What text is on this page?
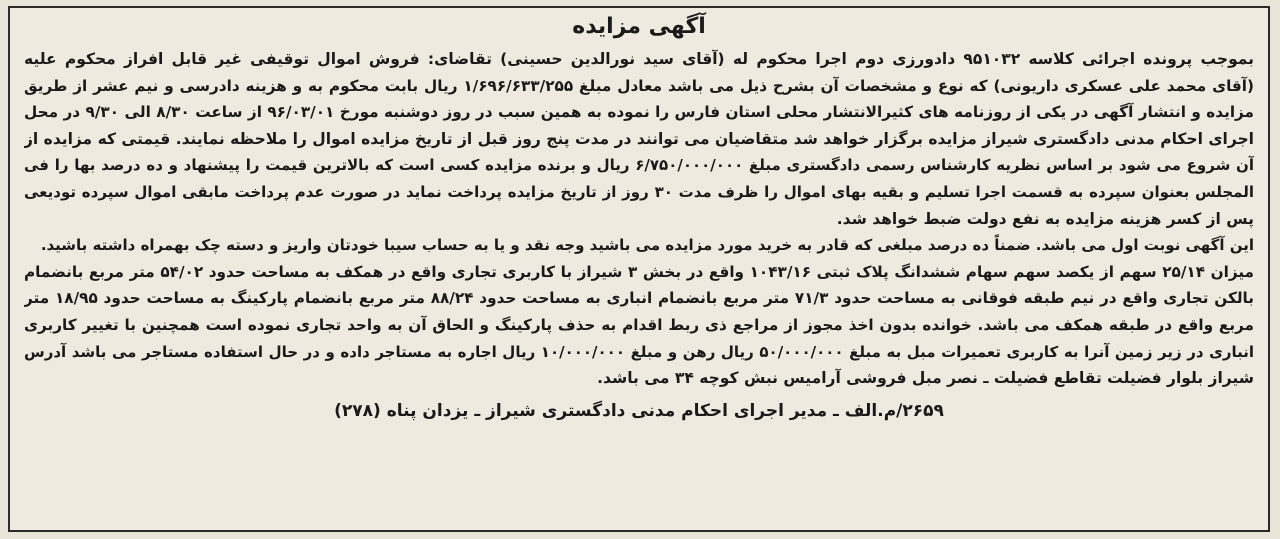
آگهی مزایده
بموجب پرونده اجرائی کلاسه ۹۵۱۰۳۲ دادورزی دوم اجرا محکوم له (آقای سید نورالدین حسینی) تقاضای: فروش اموال توقیفی غیر قابل افراز محکوم علیه
(آقای محمد علی عسکری داریونی) که نوع و مشخصات آن بشرح ذیل می باشد معادل مبلغ ۱/۶۹۶/۶۳۳/۲۵۵ ریال بابت محکوم به و هزینه دادرسی و نیم عشر از طریق
مزایده و انتشار آگهی در یکی از روزنامه های کثیرالانتشار محلی استان فارس را نموده به همین سبب در روز دوشنبه مورخ ۹۶/۰۳/۰۱ از ساعت ۸/۳۰ الی ۹/۳۰ در محل
اجرای احکام مدنی دادگستری شیراز مزایده برگزار خواهد شد متقاضیان می توانند در مدت پنج روز قبل از تاریخ مزایده اموال را ملاحظه نمایند. قیمتی که مزایده از
آن شروع می شود بر اساس نظریه کارشناس رسمی دادگستری مبلغ ۶/۷۵۰/۰۰۰/۰۰۰ ریال و برنده مزایده کسی است که بالاترین قیمت را پیشنهاد و ده درصد بها را فی
المجلس بعنوان سپرده به قسمت اجرا تسلیم و بقیه بهای اموال را ظرف مدت ۳۰ روز از تاریخ مزایده پرداخت نماید در صورت عدم پرداخت مابقی اموال سپرده تودیعی
پس از کسر هزینه مزایده به نفع دولت ضبط خواهد شد.
این آگهی نوبت اول می باشد. ضمناً ده درصد مبلغی که قادر به خرید مورد مزایده می باشید وجه نقد و یا به حساب سیبا خودتان واریز و دسته چک بهمراه داشته باشید.
میزان ۲۵/۱۴ سهم از یکصد سهم سهام ششدانگ پلاک ثبتی ۱۰۴۳/۱۶ واقع در بخش ۳ شیراز با کاربری تجاری واقع در همکف به مساحت حدود ۵۴/۰۲ متر مربع بانضمام
بالکن تجاری واقع در نیم طبقه فوقانی به مساحت حدود ۷۱/۳ متر مربع بانضمام انباری به مساحت حدود ۸۸/۲۴ متر مربع بانضمام پارکینگ به مساحت حدود ۱۸/۹۵ متر
مربع واقع در طبقه همکف می باشد. خوانده بدون اخذ مجوز از مراجع ذی ربط اقدام به حذف پارکینگ و الحاق آن به واحد تجاری نموده است همچنین با تغییر کاربری
انباری در زیر زمین آنرا به کاربری تعمیرات مبل به مبلغ ۵۰/۰۰۰/۰۰۰ ریال رهن و مبلغ ۱۰/۰۰۰/۰۰۰ ریال اجاره به مستاجر داده و در حال استفاده مستاجر می باشد آدرس
شیراز بلوار فضیلت تقاطع فضیلت ـ نصر مبل فروشی آرامیس نبش کوچه ۳۴ می باشد.
۲۶۵۹/م.الف ـ مدیر اجرای احکام مدنی دادگستری شیراز ـ یزدان پناه (۲۷۸)
